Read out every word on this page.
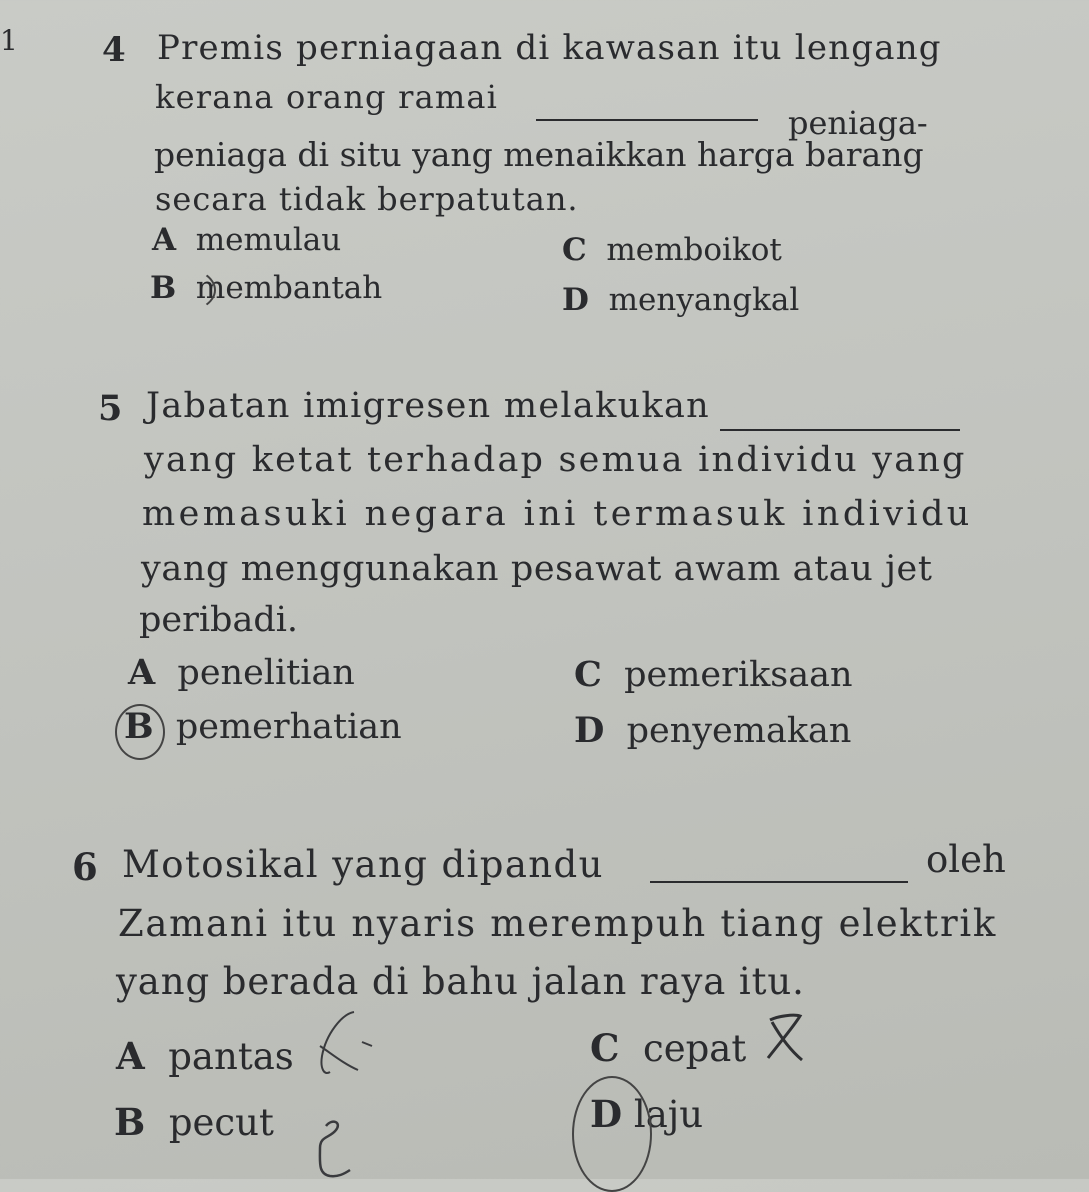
1 4 Premis perniagaan di kawasan itu lengang
kerana orang ramai
peniaga-
peniaga di situ yang menaikkan harga barang
secara tidak berpatutan.
A memulau
B membantah
C memboikot
D menyangkal
5 Jabatan imigresen melakukan
yang ketat terhadap semua individu yang
memasuki negara ini termasuk individu
yang menggunakan pesawat awam atau jet
peribadi.
A penelitian
B pemerhatian
C pemeriksaan
D penyemakan
6 Motosikal yang dipandu	oleh
Zamani itu nyaris merempuh tiang elektrik
yang berada di bahu jalan raya itu.
A pantas
B pecut
C cepat
D laju
